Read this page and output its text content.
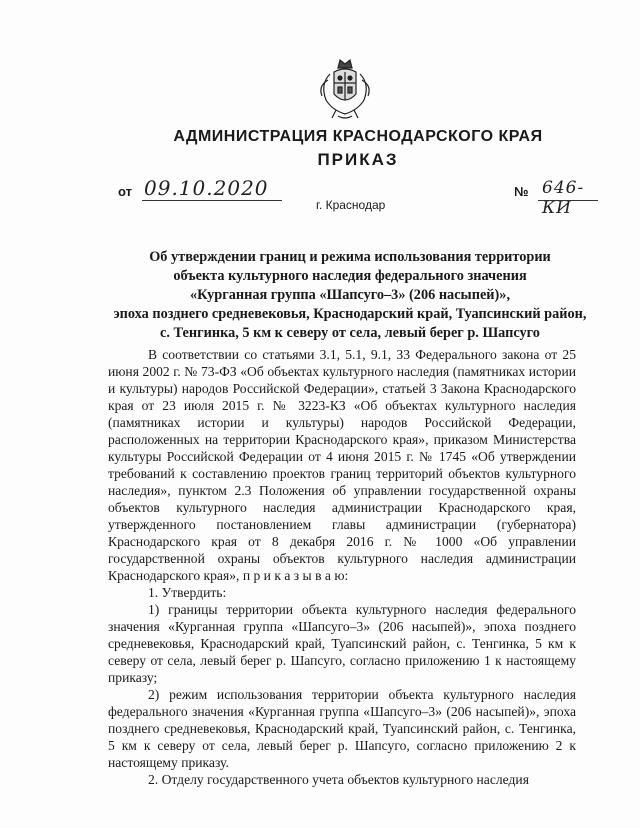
АДМИНИСТРАЦИЯ КРАСНОДАРСКОГО КРАЯ
ПРИКАЗ
от 09.10.2020	№ 646-КИ
г. Краснодар
Об утверждении границ и режима использования территории
объекта культурного наследия федерального значения
«Курганная группа «Шапсуго–3» (206 насыпей)»,
эпоха позднего средневековья, Краснодарский край, Туапсинский район,
с. Тенгинка, 5 км к северу от села, левый берег р. Шапсуго

В соответствии со статьями 3.1, 5.1, 9.1, 33 Федерального закона от 25 июня 2002 г. № 73-ФЗ «Об объектах культурного наследия (памятниках истории и культуры) народов Российской Федерации», статьей 3 Закона Краснодарского края от 23 июля 2015 г. № 3223-КЗ «Об объектах культурного наследия (памятниках истории и культуры) народов Российской Федерации, расположенных на территории Краснодарского края», приказом Министерства культуры Российской Федерации от 4 июня 2015 г. № 1745 «Об утверждении требований к составлению проектов границ территорий объектов культурного наследия», пунктом 2.3 Положения об управлении государственной охраны объектов культурного наследия администрации Краснодарского края, утвержденного постановлением главы администрации (губернатора) Краснодарского края от 8 декабря 2016 г. № 1000 «Об управлении государственной охраны объектов культурного наследия администрации Краснодарского края», п р и к а з ы в а ю:

1. Утвердить:

1) границы территории объекта культурного наследия федерального значения «Курганная группа «Шапсуго–3» (206 насыпей)», эпоха позднего средневековья, Краснодарский край, Туапсинский район, с. Тенгинка, 5 км к северу от села, левый берег р. Шапсуго, согласно приложению 1 к настоящему приказу;

2) режим использования территории объекта культурного наследия федерального значения «Курганная группа «Шапсуго–3» (206 насыпей)», эпоха позднего средневековья, Краснодарский край, Туапсинский район, с. Тенгинка, 5 км к северу от села, левый берег р. Шапсуго, согласно приложению 2 к настоящему приказу.

2. Отделу государственного учета объектов культурного наследия
